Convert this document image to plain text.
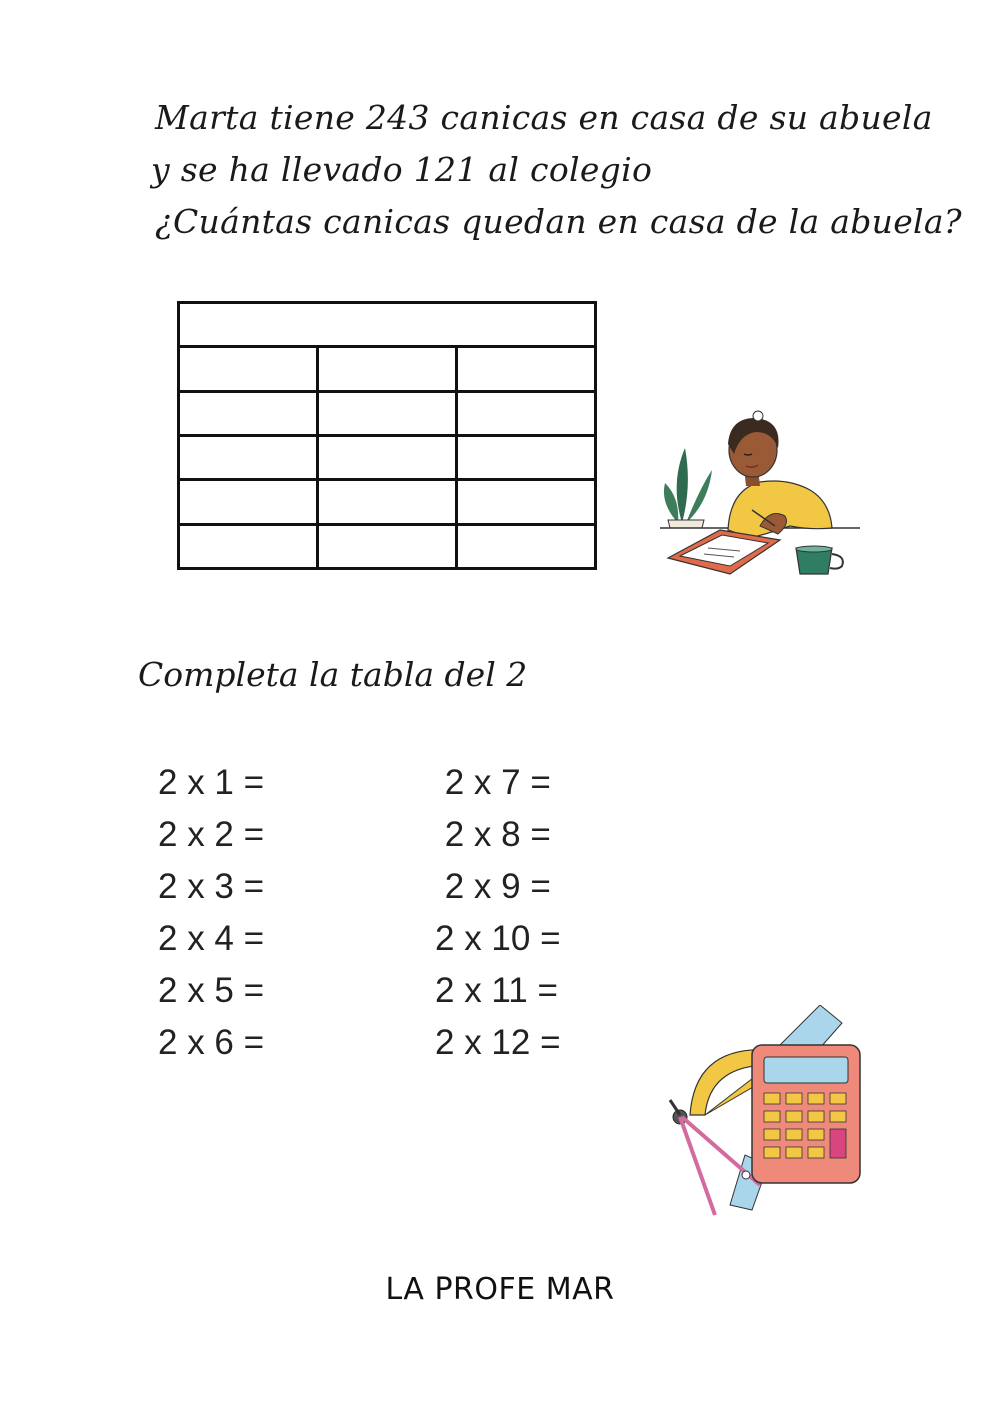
Marta tiene 243 canicas en casa de su abuela
y se ha llevado 121 al colegio
¿Cuántas canicas quedan en casa de la abuela?

Completa la tabla del 2
2 x 1 =
2 x 2 =
2 x 3 =
2 x 4 =
2 x 5 =
2 x 6 =
2 x 7 =
2 x 8 =
2 x 9 =
2 x 10 =
2 x 11 =
2 x 12 =
LA PROFE MAR
